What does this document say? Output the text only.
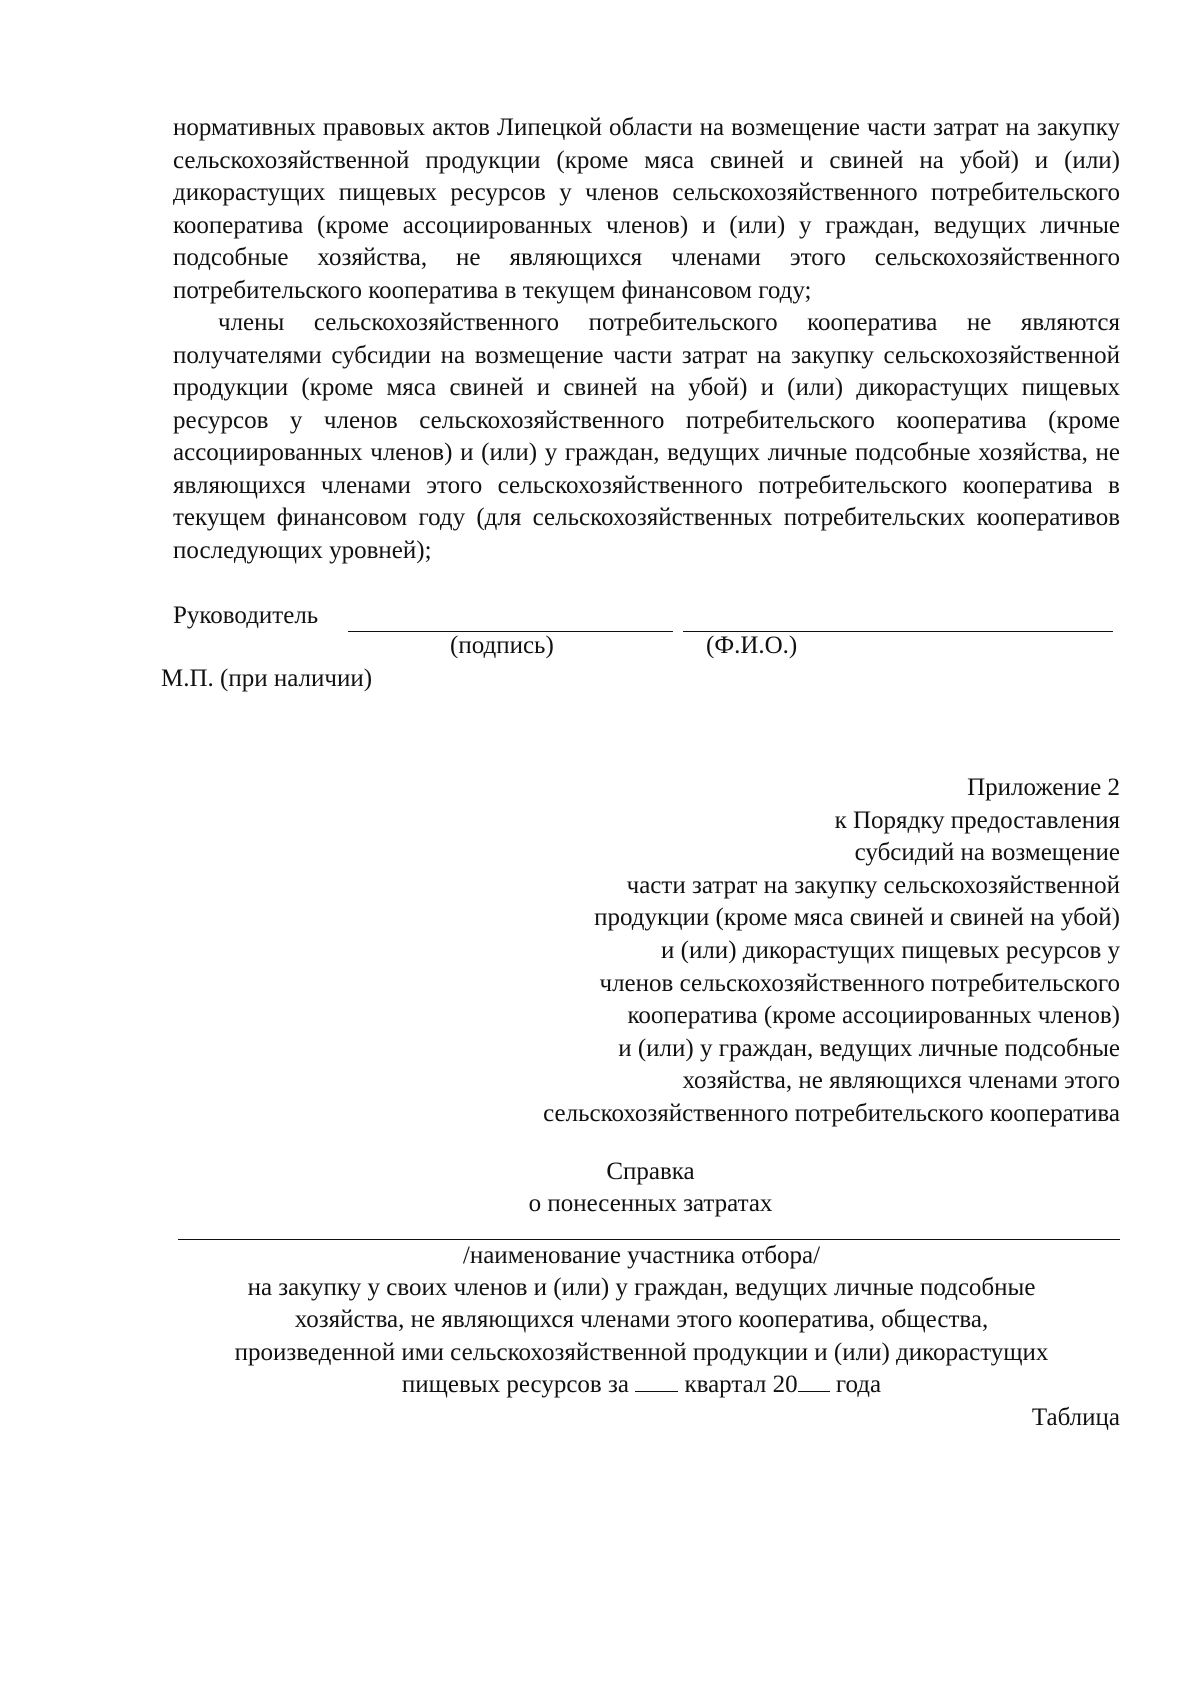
нормативных правовых актов Липецкой области на возмещение части затрат на закупку сельскохозяйственной продукции (кроме мяса свиней и свиней на убой) и (или) дикорастущих пищевых ресурсов у членов сельскохозяйственного потребительского кооператива (кроме ассоциированных членов) и (или) у граждан, ведущих личные подсобные хозяйства, не являющихся членами этого сельскохозяйственного потребительского кооператива в текущем финансовом году;

члены сельскохозяйственного потребительского кооператива не являются получателями субсидии на возмещение части затрат на закупку сельскохозяйственной продукции (кроме мяса свиней и свиней на убой) и (или) дикорастущих пищевых ресурсов у членов сельскохозяйственного потребительского кооператива (кроме ассоциированных членов) и (или) у граждан, ведущих личные подсобные хозяйства, не являющихся членами этого сельскохозяйственного потребительского кооператива в текущем финансовом году (для сельскохозяйственных потребительских кооперативов последующих уровней);

Руководитель
(подпись)	(Ф.И.О.)
М.П. (при наличии)

Приложение 2

к Порядку предоставления

субсидий на возмещение

части затрат на закупку сельскохозяйственной

продукции (кроме мяса свиней и свиней на убой)

и (или) дикорастущих пищевых ресурсов у

членов сельскохозяйственного потребительского

кооператива (кроме ассоциированных членов)

и (или) у граждан, ведущих личные подсобные

хозяйства, не являющихся членами этого

сельскохозяйственного потребительского кооператива

Справка

о понесенных затратах

/наименование участника отбора/

на закупку у своих членов и (или) у граждан, ведущих личные подсобные

хозяйства, не являющихся членами этого кооператива, общества,

произведенной ими сельскохозяйственной продукции и (или) дикорастущих

пищевых ресурсов за квартал 20 года

Таблица
